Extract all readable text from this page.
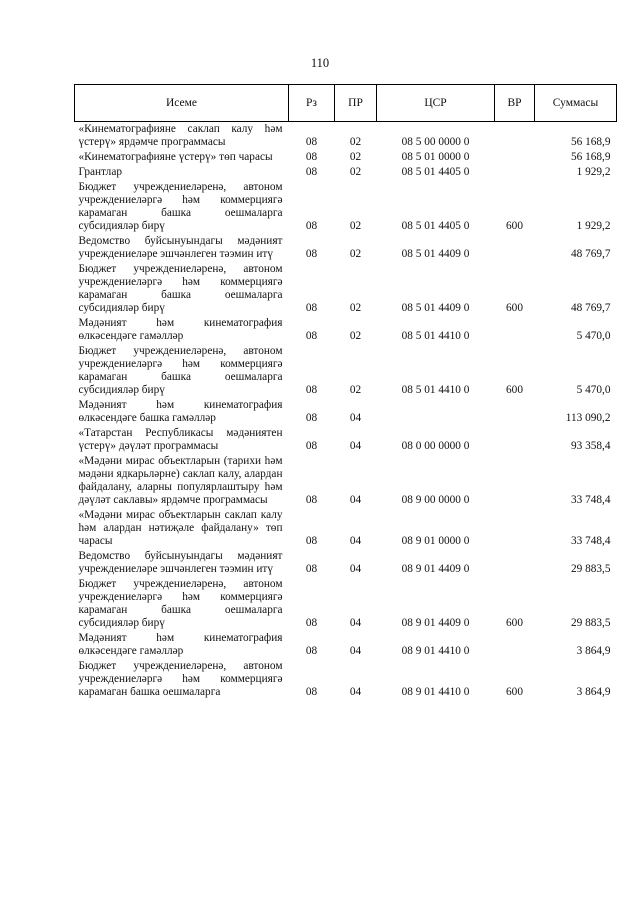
110
Исеме	Рз	ПР	ЦСР	ВР	Суммасы
«Кинематографияне саклап калу һәм үстерү» ярдәмче программасы	08	02	08 5 00 0000 0		56 168,9
«Кинематографияне үстерү» төп чарасы	08	02	08 5 01 0000 0		56 168,9
Грантлар	08	02	08 5 01 4405 0		1 929,2
Бюджет учреждениеләренә, автоном учреждениеләргә һәм коммерциягә карамаган башка оешмаларга субсидияләр бирү	08	02	08 5 01 4405 0	600	1 929,2
Ведомство буйсынуындагы мәдәният учреждениеләре эшчәнлеген тәэмин итү	08	02	08 5 01 4409 0		48 769,7
Бюджет учреждениеләренә, автоном учреждениеләргә һәм коммерциягә карамаган башка оешмаларга субсидияләр бирү	08	02	08 5 01 4409 0	600	48 769,7
Мәдәният һәм кинематография өлкәсендәге гамәлләр	08	02	08 5 01 4410 0		5 470,0
Бюджет учреждениеләренә, автоном учреждениеләргә һәм коммерциягә карамаган башка оешмаларга субсидияләр бирү	08	02	08 5 01 4410 0	600	5 470,0
Мәдәният һәм кинематография өлкәсендәге башка гамәлләр	08	04			113 090,2
«Татарстан Республикасы мәдәниятен үстерү» дәүләт программасы	08	04	08 0 00 0000 0		93 358,4
«Мәдәни мирас объектларын (тарихи һәм мәдәни ядкарьләрне) саклап калу, алардан файдалану, аларны популярлаштыру һәм дәүләт саклавы» ярдәмче программасы	08	04	08 9 00 0000 0		33 748,4
«Мәдәни мирас объектларын саклап калу һәм алардан нәтиҗәле файдалану» төп чарасы	08	04	08 9 01 0000 0		33 748,4
Ведомство буйсынуындагы мәдәният учреждениеләре эшчәнлеген тәэмин итү	08	04	08 9 01 4409 0		29 883,5
Бюджет учреждениеләренә, автоном учреждениеләргә һәм коммерциягә карамаган башка оешмаларга субсидияләр бирү	08	04	08 9 01 4409 0	600	29 883,5
Мәдәният һәм кинематография өлкәсендәге гамәлләр	08	04	08 9 01 4410 0		3 864,9
Бюджет учреждениеләренә, автоном учреждениеләргә һәм коммерциягә карамаган башка оешмаларга	08	04	08 9 01 4410 0	600	3 864,9
